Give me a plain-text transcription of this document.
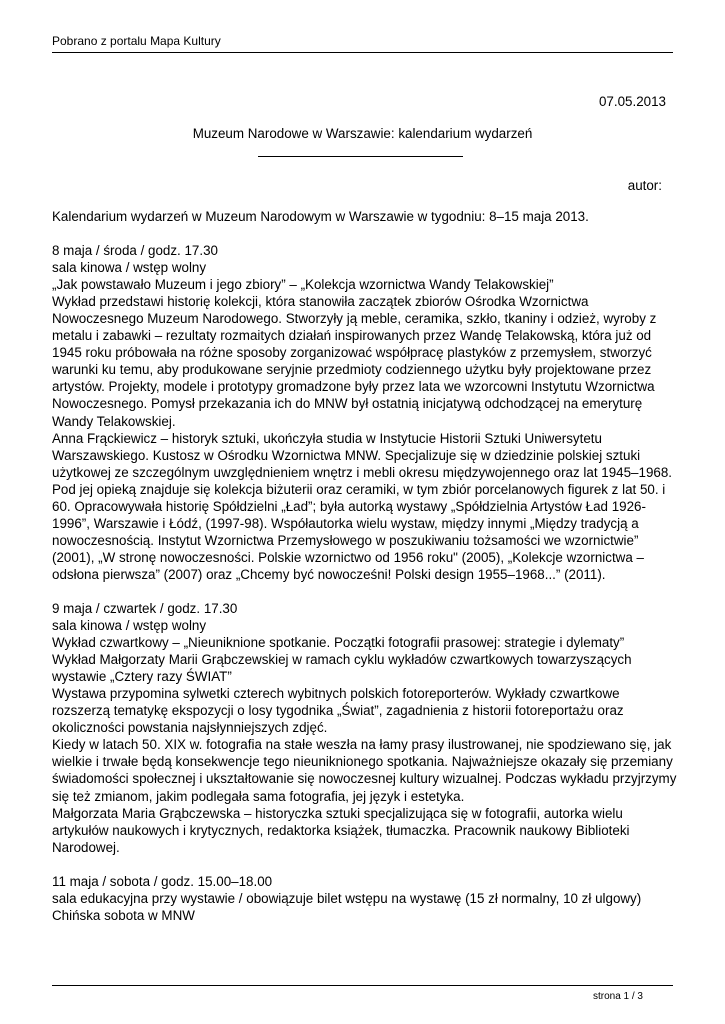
Pobrano z portalu Mapa Kultury
07.05.2013
Muzeum Narodowe w Warszawie: kalendarium wydarzeń
autor:

Kalendarium wydarzeń w Muzeum Narodowym w Warszawie w tygodniu: 8–15 maja 2013.

8 maja / środa / godz. 17.30

sala kinowa / wstęp wolny

„Jak powstawało Muzeum i jego zbiory” – „Kolekcja wzornictwa Wandy Telakowskiej”

Wykład przedstawi historię kolekcji, która stanowiła zaczątek zbiorów Ośrodka Wzornictwa Nowoczesnego Muzeum Narodowego. Stworzyły ją meble, ceramika, szkło, tkaniny i odzież, wyroby z metalu i zabawki – rezultaty rozmaitych działań inspirowanych przez Wandę Telakowską, która już od 1945 roku próbowała na różne sposoby zorganizować współpracę plastyków z przemysłem, stworzyć warunki ku temu, aby produkowane seryjnie przedmioty codziennego użytku były projektowane przez artystów. Projekty, modele i prototypy gromadzone były przez lata we wzorcowni Instytutu Wzornictwa Nowoczesnego. Pomysł przekazania ich do MNW był ostatnią inicjatywą odchodzącej na emeryturę Wandy Telakowskiej.

Anna Frąckiewicz – historyk sztuki, ukończyła studia w Instytucie Historii Sztuki Uniwersytetu Warszawskiego. Kustosz w Ośrodku Wzornictwa MNW. Specjalizuje się w dziedzinie polskiej sztuki użytkowej ze szczególnym uwzględnieniem wnętrz i mebli okresu międzywojennego oraz lat 1945–1968. Pod jej opieką znajduje się kolekcja biżuterii oraz ceramiki, w tym zbiór porcelanowych figurek z lat 50. i 60. Opracowywała historię Spółdzielni „Ład”; była autorką wystawy „Spółdzielnia Artystów Ład 1926-1996”, Warszawie i Łódź, (1997-98). Współautorka wielu wystaw, między innymi „Między tradycją a nowoczesnością. Instytut Wzornictwa Przemysłowego w poszukiwaniu tożsamości we wzornictwie” (2001), „W stronę nowoczesności. Polskie wzornictwo od 1956 roku" (2005), „Kolekcje wzornictwa – odsłona pierwsza” (2007) oraz „Chcemy być nowocześni! Polski design 1955–1968...” (2011).

9 maja / czwartek / godz. 17.30

sala kinowa / wstęp wolny

Wykład czwartkowy – „Nieuniknione spotkanie. Początki fotografii prasowej: strategie i dylematy”

Wykład Małgorzaty Marii Grąbczewskiej w ramach cyklu wykładów czwartkowych towarzyszących wystawie „Cztery razy ŚWIAT”

Wystawa przypomina sylwetki czterech wybitnych polskich fotoreporterów. Wykłady czwartkowe rozszerzą tematykę ekspozycji o losy tygodnika „Świat”, zagadnienia z historii fotoreportażu oraz okoliczności powstania najsłynniejszych zdjęć.

Kiedy w latach 50. XIX w. fotografia na stałe weszła na łamy prasy ilustrowanej, nie spodziewano się, jak wielkie i trwałe będą konsekwencje tego nieuniknionego spotkania. Najważniejsze okazały się przemiany świadomości społecznej i ukształtowanie się nowoczesnej kultury wizualnej. Podczas wykładu przyjrzymy się też zmianom, jakim podlegała sama fotografia, jej język i estetyka.

Małgorzata Maria Grąbczewska – historyczka sztuki specjalizująca się w fotografii, autorka wielu artykułów naukowych i krytycznych, redaktorka książek, tłumaczka. Pracownik naukowy Biblioteki Narodowej.

11 maja / sobota / godz. 15.00–18.00

sala edukacyjna przy wystawie / obowiązuje bilet wstępu na wystawę (15 zł normalny, 10 zł ulgowy)

Chińska sobota w MNW

strona 1 / 3
